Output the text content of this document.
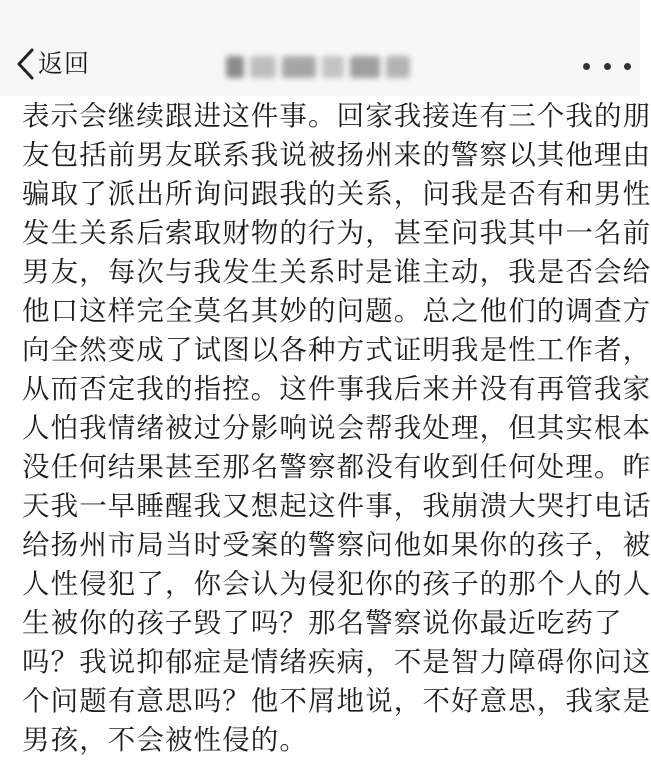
返回
表示会继续跟进这件事。回家我接连有三个我的朋
友包括前男友联系我说被扬州来的警察以其他理由
骗取了派出所询问跟我的关系，问我是否有和男性
发生关系后索取财物的行为，甚至问我其中一名前
男友，每次与我发生关系时是谁主动，我是否会给
他口这样完全莫名其妙的问题。总之他们的调查方
向全然变成了试图以各种方式证明我是性工作者，
从而否定我的指控。这件事我后来并没有再管我家
人怕我情绪被过分影响说会帮我处理，但其实根本
没任何结果甚至那名警察都没有收到任何处理。昨
天我一早睡醒我又想起这件事，我崩溃大哭打电话
给扬州市局当时受案的警察问他如果你的孩子，被
人性侵犯了，你会认为侵犯你的孩子的那个人的人
生被你的孩子毁了吗？那名警察说你最近吃药了
吗？我说抑郁症是情绪疾病，不是智力障碍你问这
个问题有意思吗？他不屑地说，不好意思，我家是
男孩，不会被性侵的。
